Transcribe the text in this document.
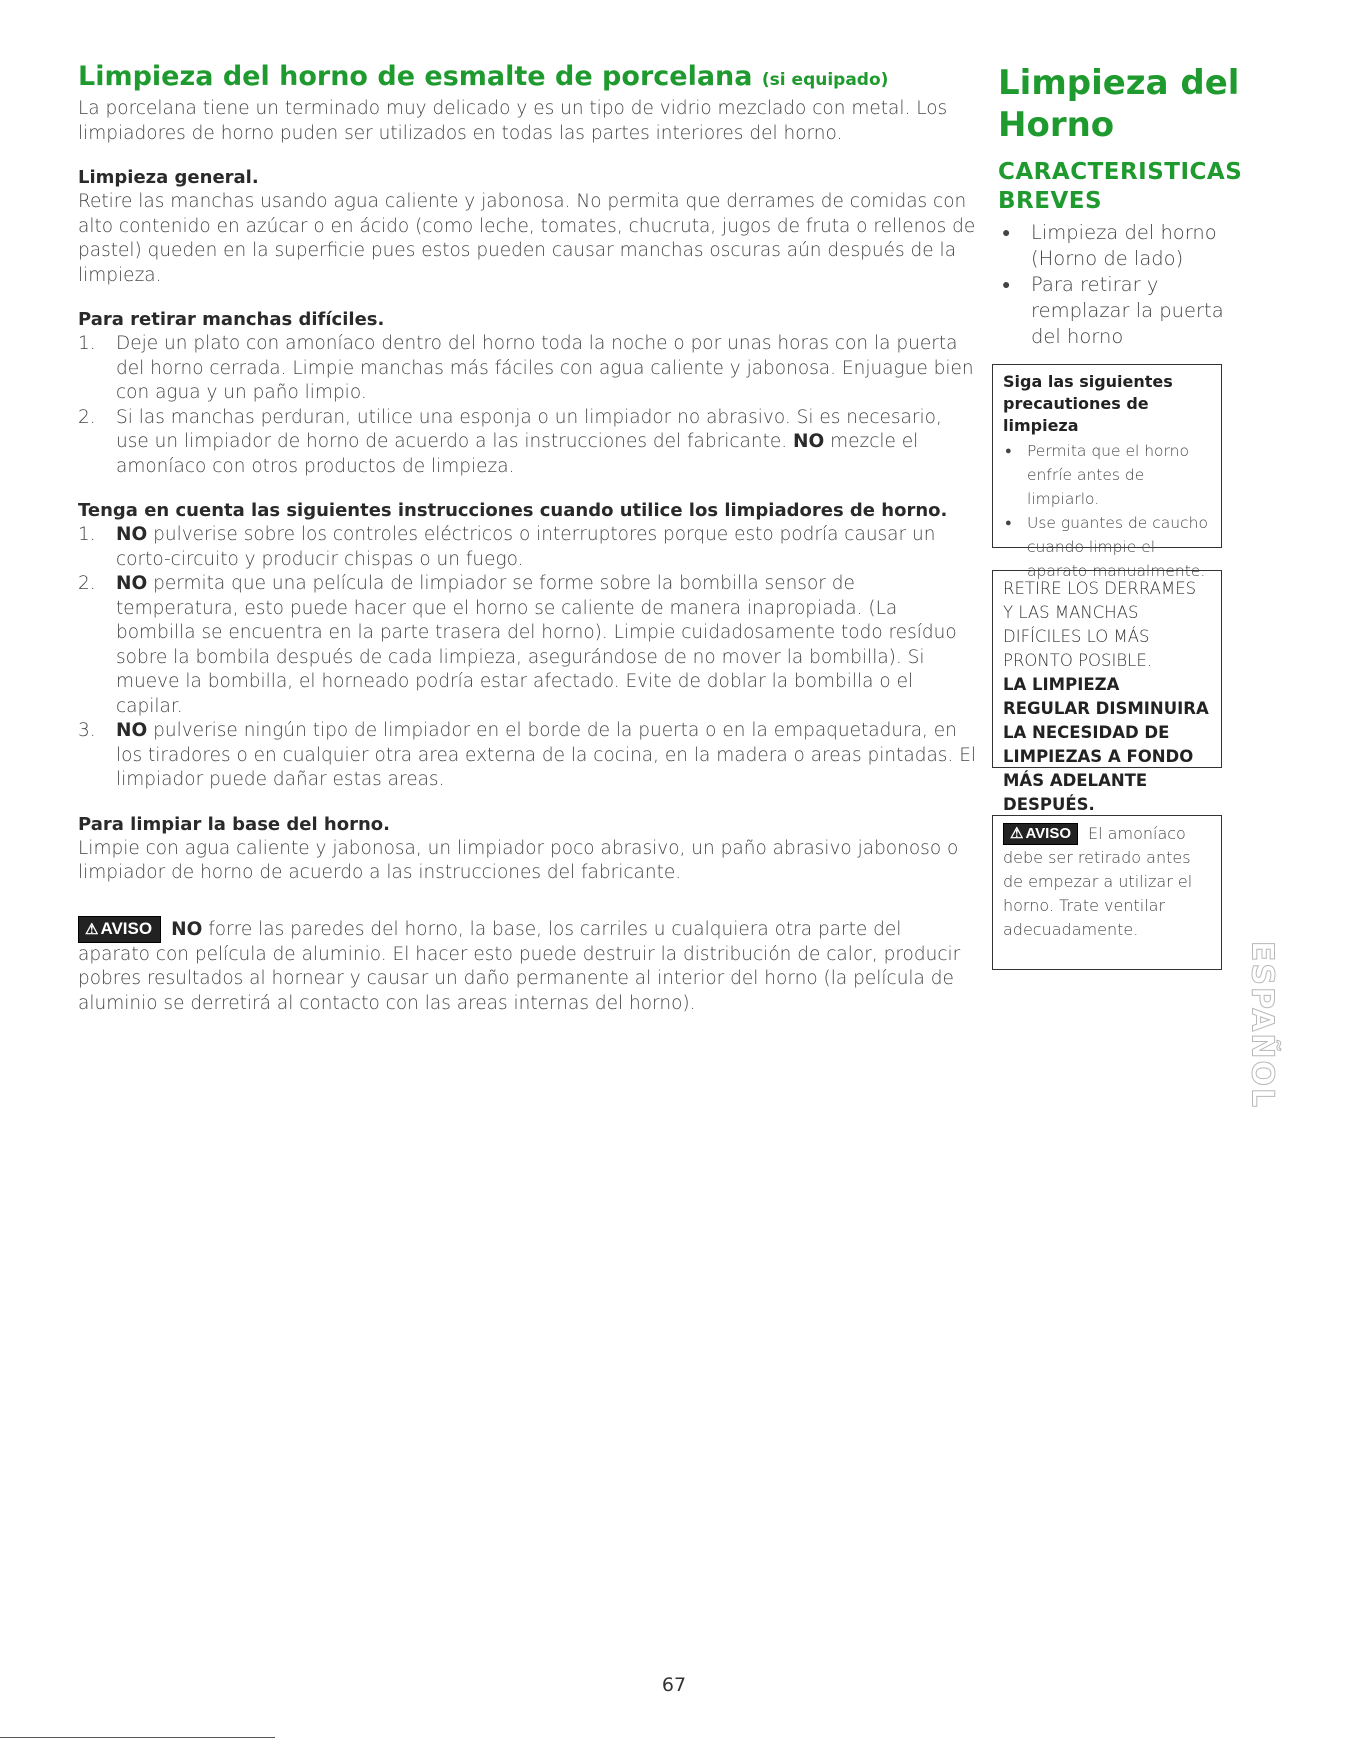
Limpieza del horno de esmalte de porcelana (si equipado)

La porcelana tiene un terminado muy delicado y es un tipo de vidrio mezclado con metal. Los limpiadores de horno puden ser utilizados en todas las partes interiores del horno.

Limpieza general.

Retire las manchas usando agua caliente y jabonosa. No permita que derrames de comidas con alto contenido en azúcar o en ácido (como leche, tomates, chucruta, jugos de fruta o rellenos de pastel) queden en la superficie pues estos pueden causar manchas oscuras aún después de la limpieza.

Para retirar manchas difíciles.
1. Deje un plato con amoníaco dentro del horno toda la noche o por unas horas con la puerta del horno cerrada. Limpie manchas más fáciles con agua caliente y jabonosa. Enjuague bien con agua y un paño limpio.
2. Si las manchas perduran, utilice una esponja o un limpiador no abrasivo. Si es necesario, use un limpiador de horno de acuerdo a las instrucciones del fabricante. NO mezcle el amoníaco con otros productos de limpieza.
Tenga en cuenta las siguientes instrucciones cuando utilice los limpiadores de horno.
1. NO pulverise sobre los controles eléctricos o interruptores porque esto podría causar un corto-circuito y producir chispas o un fuego.
2. NO permita que una película de limpiador se forme sobre la bombilla sensor de temperatura, esto puede hacer que el horno se caliente de manera inapropiada. (La bombilla se encuentra en la parte trasera del horno). Limpie cuidadosamente todo resíduo sobre la bombila después de cada limpieza, asegurándose de no mover la bombilla). Si mueve la bombilla, el horneado podría estar afectado. Evite de doblar la bombilla o el capilar.
3. NO pulverise ningún tipo de limpiador en el borde de la puerta o en la empaquetadura, en los tiradores o en cualquier otra area externa de la cocina, en la madera o areas pintadas. El limpiador puede dañar estas areas.
Para limpiar la base del horno.

Limpie con agua caliente y jabonosa, un limpiador poco abrasivo, un paño abrasivo jabonoso o limpiador de horno de acuerdo a las instrucciones del fabricante.

⚠ AVISO NO forre las paredes del horno, la base, los carriles u cualquiera otra parte del aparato con película de aluminio. El hacer esto puede destruir la distribución de calor, producir pobres resultados al hornear y causar un daño permanente al interior del horno (la película de aluminio se derretirá al contacto con las areas internas del horno).

Limpieza del Horno
CARACTERISTICAS BREVES
● Limpieza del horno (Horno de lado)
● Para retirar y remplazar la puerta del horno

Siga las siguientes precautiones de limpieza

● Permita que el horno enfríe antes de limpiarlo.
● Use guantes de caucho cuando limpie el aparato manualmente.

RETIRE LOS DERRAMES Y LAS MANCHAS DIFÍCILES LO MÁS PRONTO POSIBLE.

LA LIMPIEZA REGULAR DISMINUIRA LA NECESIDAD DE LIMPIEZAS A FONDO MÁS ADELANTE DESPUÉS.

⚠ AVISO El amoníaco debe ser retirado antes de empezar a utilizar el horno. Trate ventilar adecuadamente.

ESPAÑOL
67
